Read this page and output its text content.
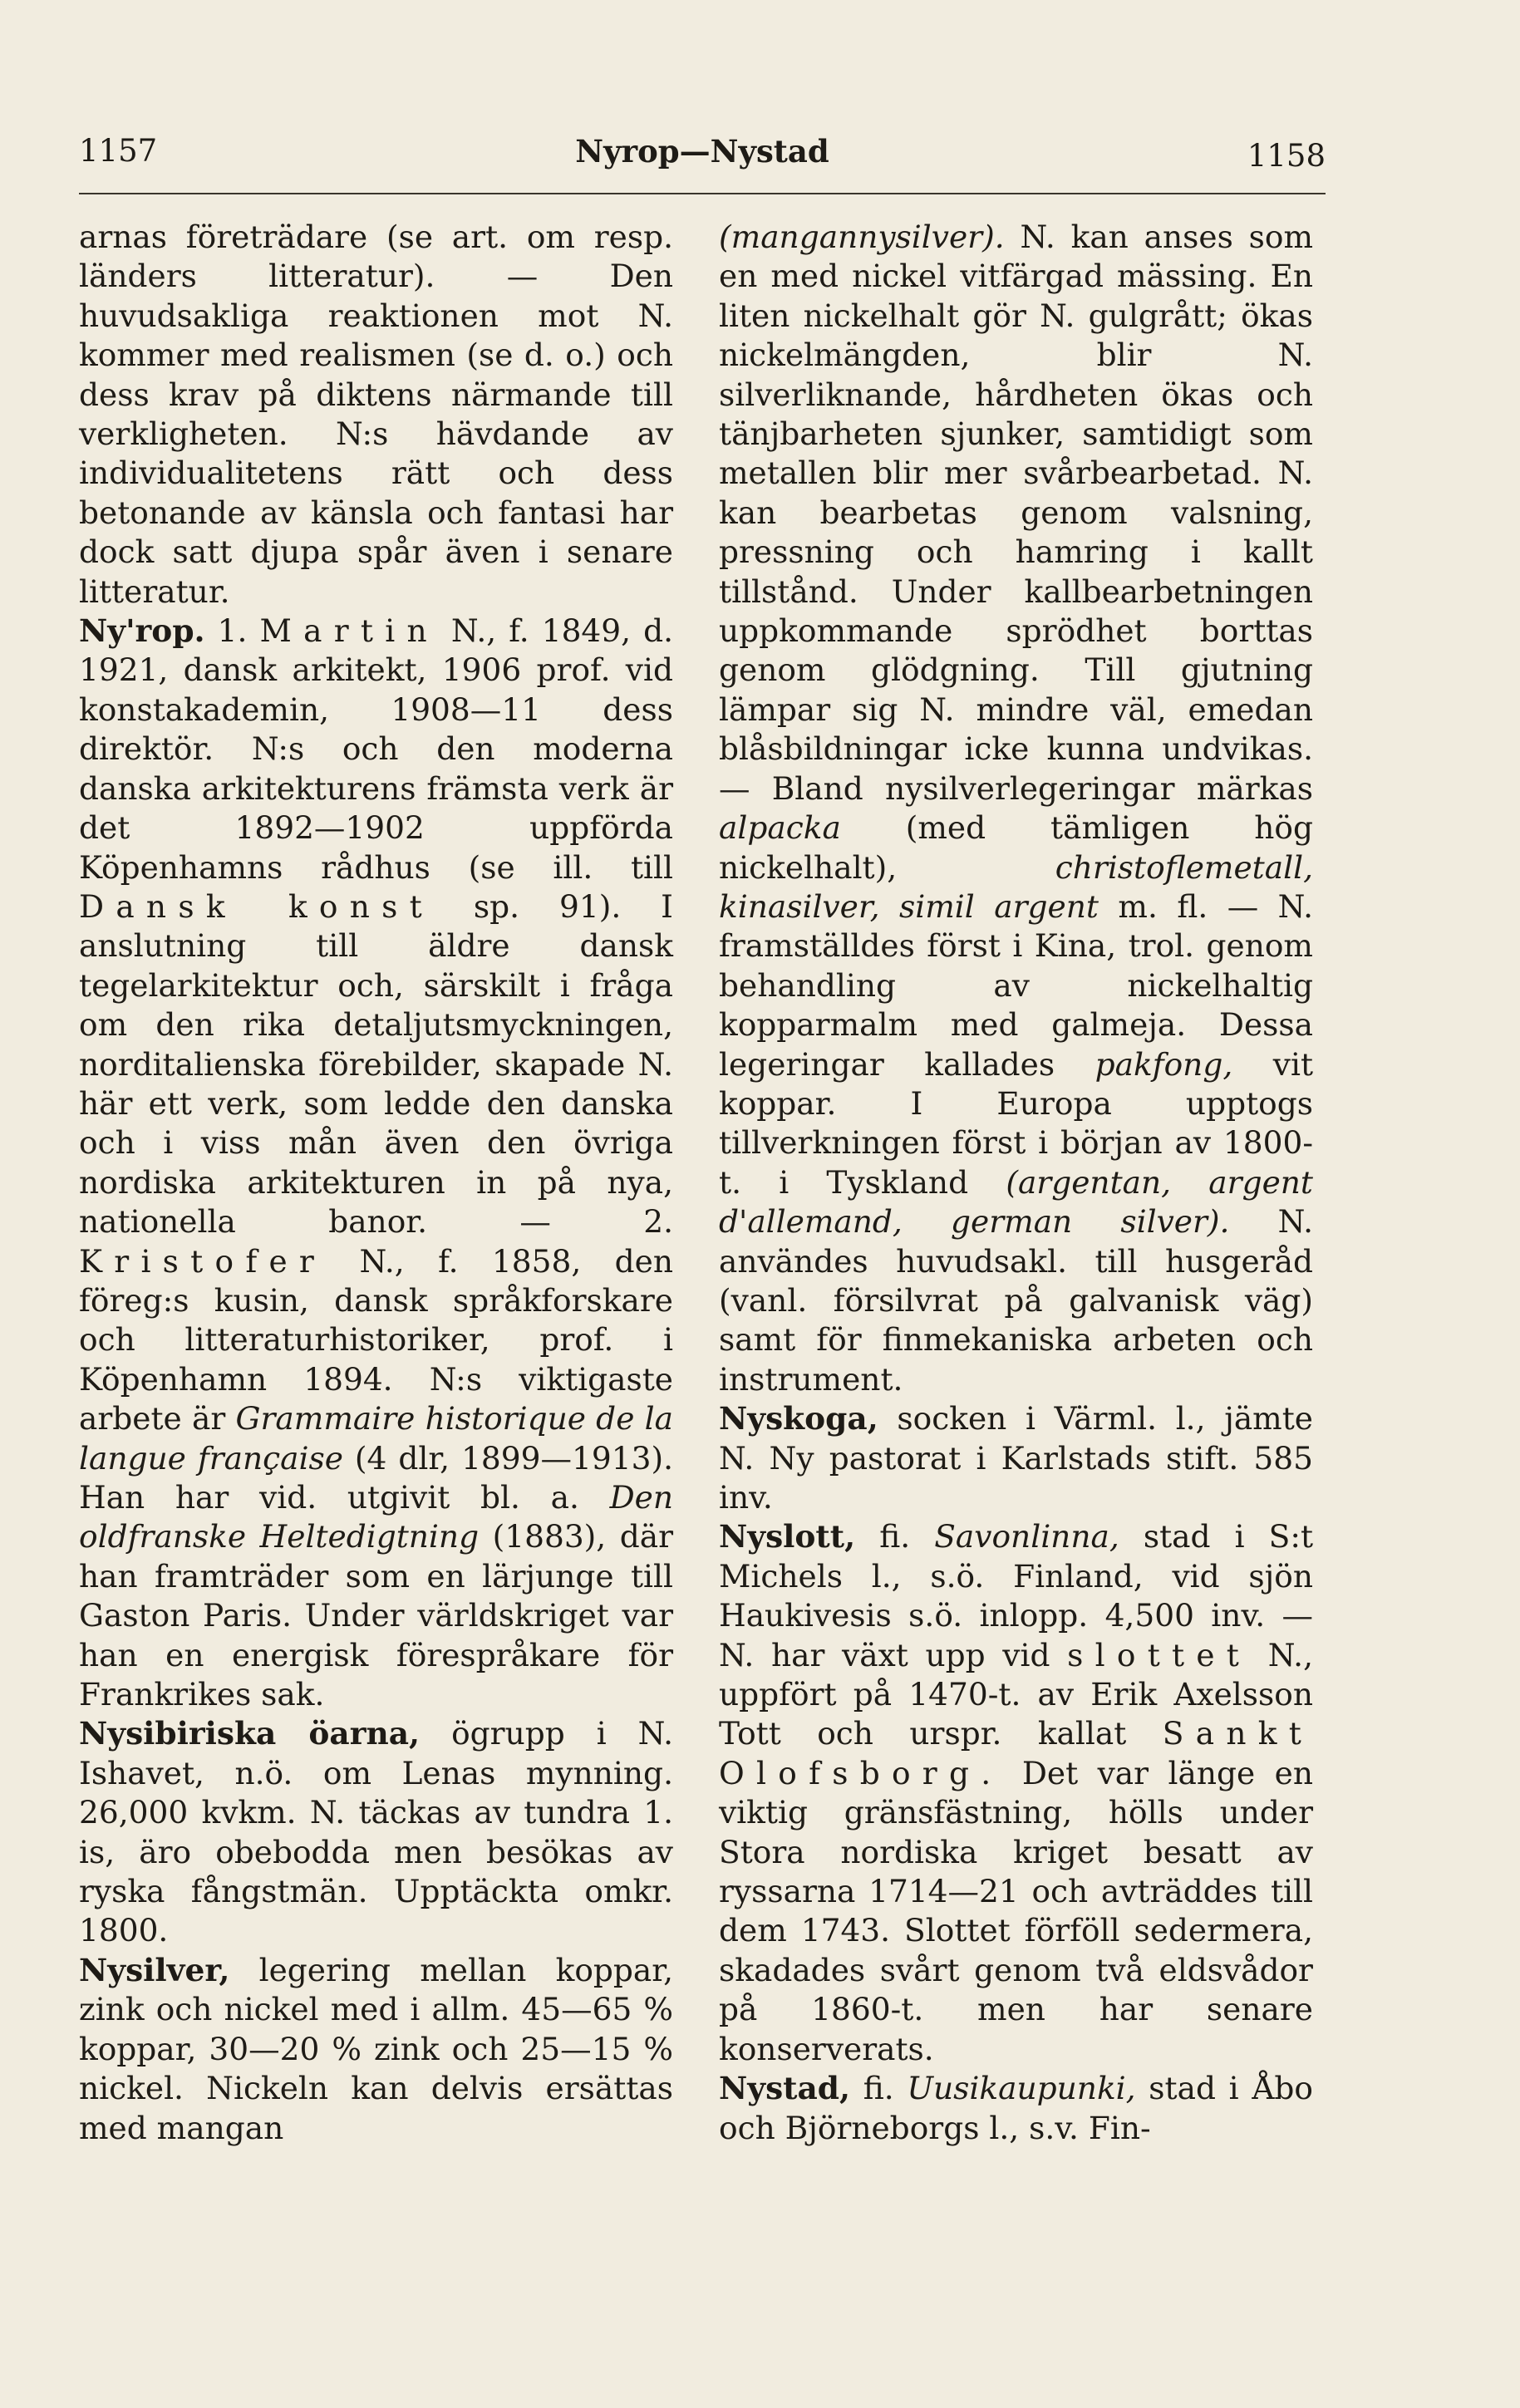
1157	Nyrop—Nystad	1158

arnas företrädare (se art. om resp. länders litteratur). — Den huvudsakliga reaktionen mot N. kommer med realismen (se d. o.) och dess krav på diktens närmande till verkligheten. N:s hävdande av individualitetens rätt och dess betonande av känsla och fantasi har dock satt djupa spår även i senare litteratur.

Ny'rop. 1. Martin N., f. 1849, d. 1921, dansk arkitekt, 1906 prof. vid konstakademin, 1908—11 dess direktör. N:s och den moderna danska arkitekturens främsta verk är det 1892—1902 uppförda Köpenhamns rådhus (se ill. till Dansk konst sp. 91). I anslutning till äldre dansk tegelarkitektur och, särskilt i fråga om den rika detaljutsmyckningen, norditalienska förebilder, skapade N. här ett verk, som ledde den danska och i viss mån även den övriga nordiska arkitekturen in på nya, nationella banor. — 2. Kristofer N., f. 1858, den föreg:s kusin, dansk språkforskare och litteraturhistoriker, prof. i Köpenhamn 1894. N:s viktigaste arbete är Grammaire historique de la langue française (4 dlr, 1899—1913). Han har vid. utgivit bl. a. Den oldfranske Heltedigtning (1883), där han framträder som en lärjunge till Gaston Paris. Under världskriget var han en energisk förespråkare för Frankrikes sak.

Nysibiriska öarna, ögrupp i N. Ishavet, n.ö. om Lenas mynning. 26,000 kvkm. N. täckas av tundra 1. is, äro obebodda men besökas av ryska fångstmän. Upptäckta omkr. 1800.

Nysilver, legering mellan koppar, zink och nickel med i allm. 45—65 % koppar, 30—20 % zink och 25—15 % nickel. Nickeln kan delvis ersättas med mangan

(mangannysilver). N. kan anses som en med nickel vitfärgad mässing. En liten nickelhalt gör N. gulgrått; ökas nickelmängden, blir N. silverliknande, hårdheten ökas och tänjbarheten sjunker, samtidigt som metallen blir mer svårbearbetad. N. kan bearbetas genom valsning, pressning och hamring i kallt tillstånd. Under kallbearbetningen uppkommande sprödhet borttas genom glödgning. Till gjutning lämpar sig N. mindre väl, emedan blåsbildningar icke kunna undvikas. — Bland nysilverlegeringar märkas alpacka (med tämligen hög nickelhalt),	christoflemetall, kinasilver, simil argent m. fl. — N. framställdes först i Kina, trol. genom behandling av nickelhaltig kopparmalm med galmeja. Dessa legeringar kallades pakfong, vit koppar. I Europa upptogs tillverkningen först i början av 1800-t. i Tyskland (argentan, argent d'allemand, german silver). N. användes huvudsakl. till husgeråd (vanl. försilvrat på galvanisk väg) samt för finmekaniska arbeten och instrument.

Nyskoga, socken i Värml. l., jämte N. Ny pastorat i Karlstads stift. 585 inv.

Nyslott, fi. Savonlinna, stad i S:t Michels l., s.ö. Finland, vid sjön Haukivesis s.ö. inlopp. 4,500 inv. — N. har växt upp vid slottet N., uppfört på 1470-t. av Erik Axelsson Tott och urspr. kallat Sankt Olofsborg. Det var länge en viktig gränsfästning, hölls under Stora nordiska kriget besatt av ryssarna 1714—21 och avträddes till dem 1743. Slottet förföll sedermera, skadades svårt genom två eldsvådor på 1860-t. men har senare konserverats.

Nystad, fi. Uusikaupunki, stad i Åbo och Björneborgs l., s.v. Fin-
